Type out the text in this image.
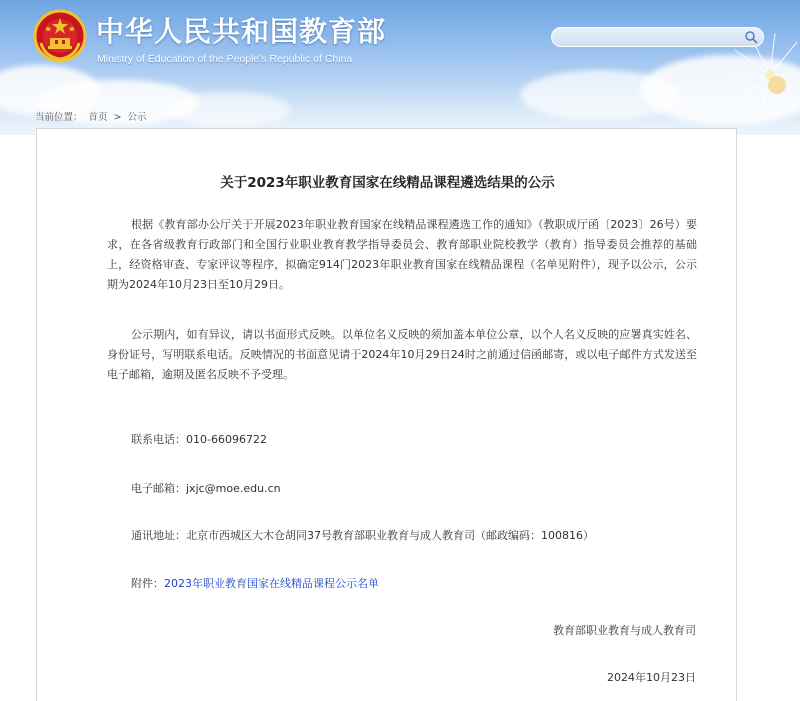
中华人民共和国教育部
Ministry of Education of the People's Republic of China
当前位置： 首页 > 公示
关于2023年职业教育国家在线精品课程遴选结果的公示

根据《教育部办公厅关于开展2023年职业教育国家在线精品课程遴选工作的通知》（教职成厅函〔2023〕26号）要求，在各省级教育行政部门和全国行业职业教育教学指导委员会、教育部职业院校教学（教育）指导委员会推荐的基础上，经资格审查、专家评议等程序，拟确定914门2023年职业教育国家在线精品课程（名单见附件），现予以公示，公示期为2024年10月23日至10月29日。

公示期内，如有异议，请以书面形式反映。以单位名义反映的须加盖本单位公章，以个人名义反映的应署真实姓名、身份证号，写明联系电话。反映情况的书面意见请于2024年10月29日24时之前通过信函邮寄，或以电子邮件方式发送至电子邮箱，逾期及匿名反映不予受理。

联系电话：010-66096722
电子邮箱：jxjc@moe.edu.cn
通讯地址：北京市西城区大木仓胡同37号教育部职业教育与成人教育司（邮政编码：100816）
附件：2023年职业教育国家在线精品课程公示名单
教育部职业教育与成人教育司
2024年10月23日
